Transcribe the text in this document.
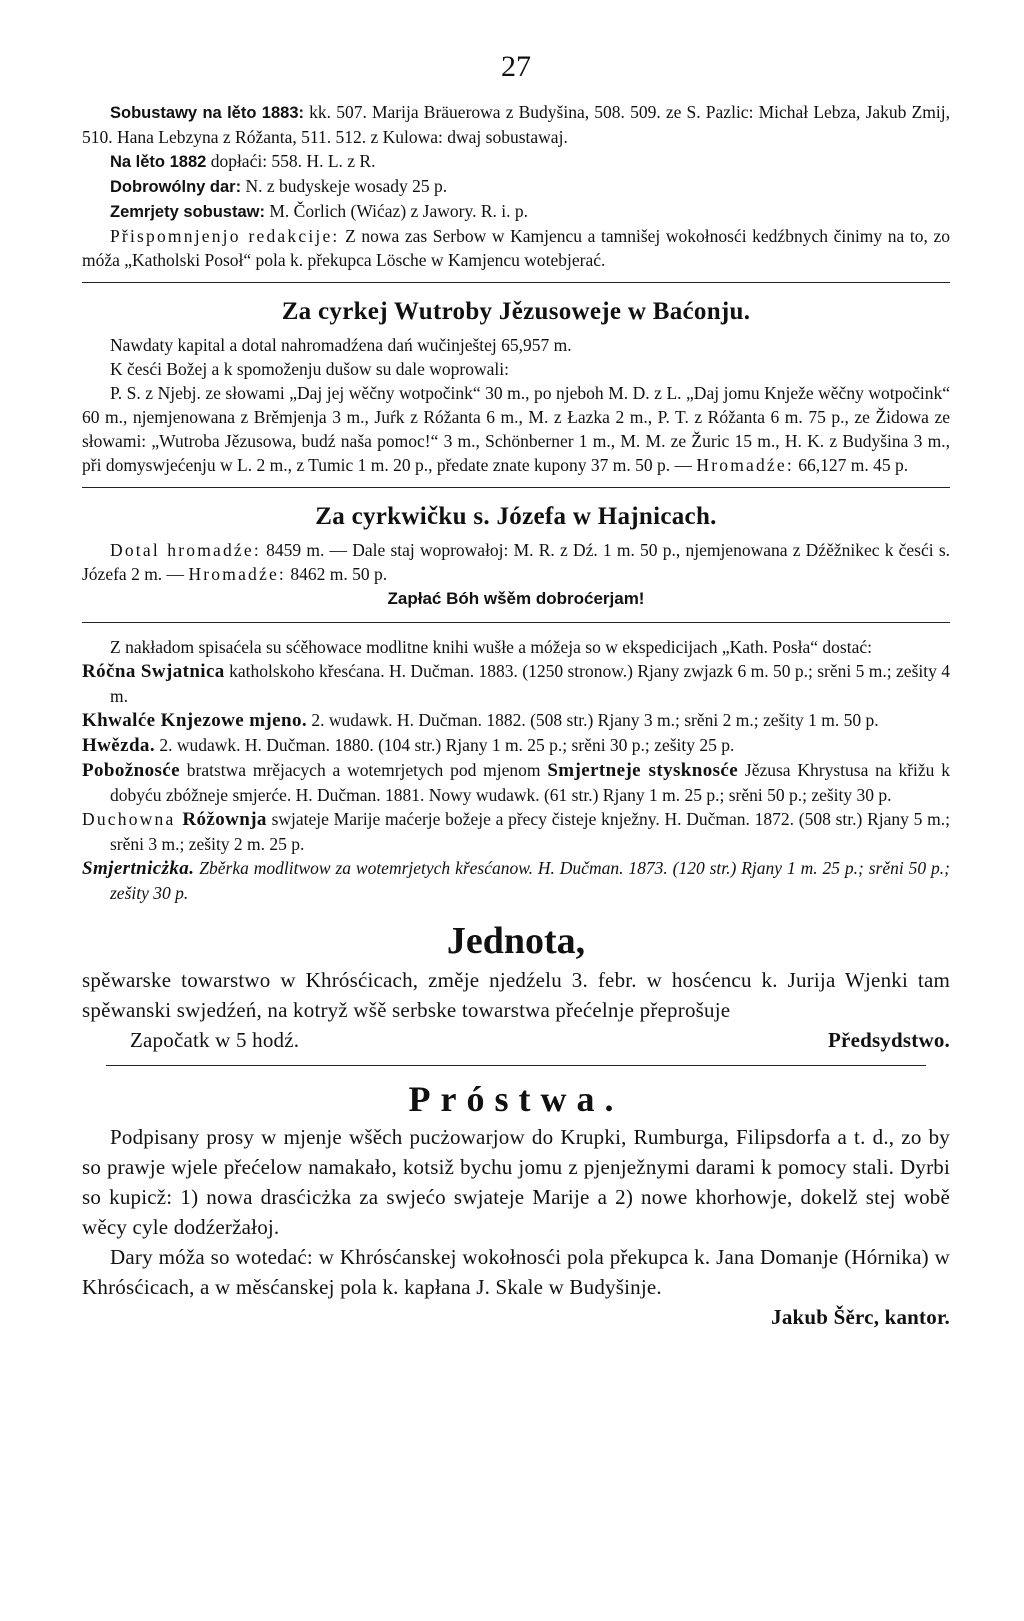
27

Sobustawy na lěto 1883: kk. 507. Marija Bräuerowa z Budyšina, 508. 509. ze S. Pazlic: Michał Lebza, Jakub Zmij, 510. Hana Lebzyna z Róžanta, 511. 512. z Kulowa: dwaj sobustawaj.

Na lěto 1882 dopłaći: 558. H. L. z R.

Dobrowólny dar: N. z budyskeje wosady 25 p.

Zemrjety sobustaw: M. Čorlich (Wićaz) z Jawory. R. i. p.

Přispomnjenjo redakcije: Z nowa zas Serbow w Kamjencu a tamnišej wokołnosći kedźbnych činimy na to, zo móža „Katholski Posoł“ pola k. překupca Lösche w Kamjencu wotebjerać.

Za cyrkej Wutroby Jězusoweje w Baćonju.

Nawdaty kapital a dotal nahromadźena dań wučinještej 65,957 m.

K česći Božej a k spomoženju dušow su dale woprowali:

P. S. z Njebj. ze słowami „Daj jej wěčny wotpočink“ 30 m., po njeboh M. D. z L. „Daj jomu Knježe wěčny wotpočink“ 60 m., njemjenowana z Brěmjenja 3 m., Juŕk z Róžanta 6 m., M. z Łazka 2 m., P. T. z Róžanta 6 m. 75 p., ze Židowa ze słowami: „Wutroba Jězusowa, budź naša pomoc!“ 3 m., Schönberner 1 m., M. M. ze Žuric 15 m., H. K. z Budyšina 3 m., při domyswjećenju w L. 2 m., z Tumic 1 m. 20 p., předate znate kupony 37 m. 50 p. — Hromadźe: 66,127 m. 45 p.

Za cyrkwičku s. Józefa w Hajnicach.

Dotal hromadźe: 8459 m. — Dale staj woprowałoj: M. R. z Dź. 1 m. 50 p., njemjenowana z Dźěžnikec k česći s. Józefa 2 m. — Hromadźe: 8462 m. 50 p.

Zapłać Bóh wšěm dobroćerjam!

Z nakładom spisaćela su sćěhowace modlitne knihi wušłe a móžeja so w ekspedicijach „Kath. Posła“ dostać:

Róčna Swjatnica katholskoho křesćana. H. Dučman. 1883. (1250 stronow.) Rjany zwjazk 6 m. 50 p.; srěni 5 m.; zešity 4 m.

Khwalće Knjezowe mjeno. 2. wudawk. H. Dučman. 1882. (508 str.) Rjany 3 m.; srěni 2 m.; zešity 1 m. 50 p.

Hwězda. 2. wudawk. H. Dučman. 1880. (104 str.) Rjany 1 m. 25 p.; srěni 30 p.; zešity 25 p.

Pobožnosće bratstwa mrějacych a wotemrjetych pod mjenom Smjertneje stysknosće Jězusa Khrystusa na křižu k dobyću zbóžneje smjerće. H. Dučman. 1881. Nowy wudawk. (61 str.) Rjany 1 m. 25 p.; srěni 50 p.; zešity 30 p.

Duchowna Róžownja swjateje Marije maćerje božeje a přecy čisteje knježny. H. Dučman. 1872. (508 str.) Rjany 5 m.; srěni 3 m.; zešity 2 m. 25 p.

Smjertnicżka. Zběrka modlitwow za wotemrjetych křesćanow. H. Dučman. 1873. (120 str.) Rjany 1 m. 25 p.; srěni 50 p.; zešity 30 p.

Jednota,

spěwarske towarstwo w Khrósćicach, změje njedźelu 3. febr. w hosćencu k. Jurija Wjenki tam spěwanski swjedźeń, na kotryž wšě serbske towarstwa přećelnje přeprošuje

Započatk w 5 hodź.	Předsydstwo.
Próstwa.

Podpisany prosy w mjenje wšěch pucżowarjow do Krupki, Rumburga, Filipsdorfa a t. d., zo by so prawje wjele přećelow namakało, kotsiž bychu jomu z pjenježnymi darami k pomocy stali. Dyrbi so kupicž: 1) nowa drasćicżka za swjećo swjateje Marije a 2) nowe khorhowje, dokelž stej wobě wěcy cyle dodźeržałoj.

Dary móža so wotedać: w Khrósćanskej wokołnosći pola překupca k. Jana Domanje (Hórnika) w Khrósćicach, a w měsćanskej pola k. kapłana J. Skale w Budyšinje.

Jakub Šěrc, kantor.
